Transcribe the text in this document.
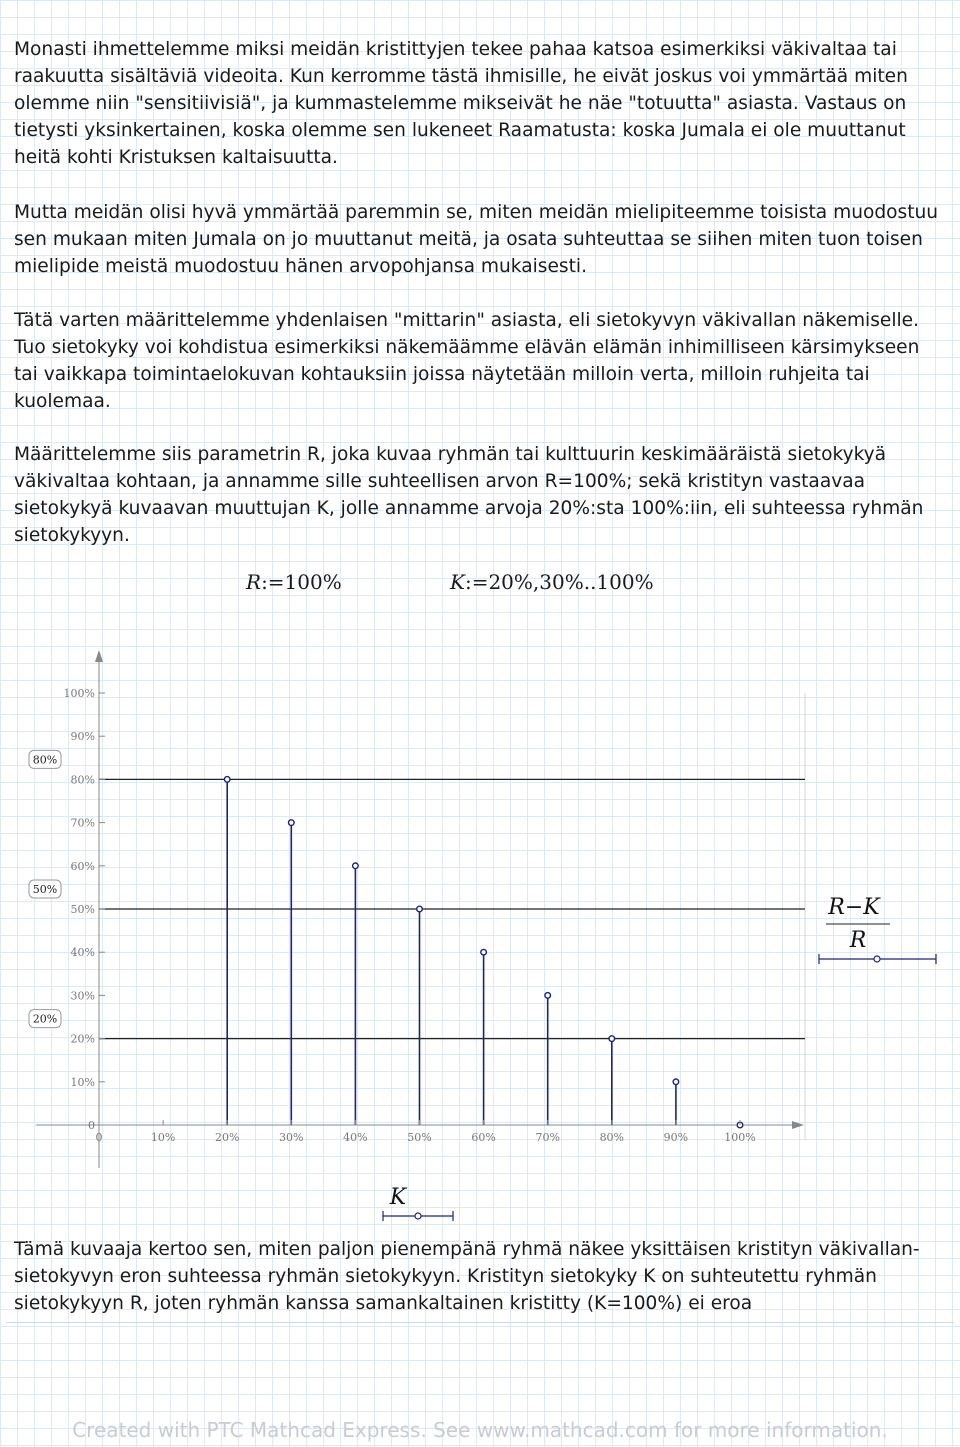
Monasti ihmettelemme miksi meidän kristittyjen tekee pahaa katsoa esimerkiksi väkivaltaa tai raakuutta sisältäviä videoita. Kun kerromme tästä ihmisille, he eivät joskus voi ymmärtää miten olemme niin "sensitiivisiä", ja kummastelemme mikseivät he näe "totuutta" asiasta. Vastaus on tietysti yksinkertainen, koska olemme sen lukeneet Raamatusta: koska Jumala ei ole muuttanut heitä kohti Kristuksen kaltaisuutta.

Mutta meidän olisi hyvä ymmärtää paremmin se, miten meidän mielipiteemme toisista muodostuu sen mukaan miten Jumala on jo muuttanut meitä, ja osata suhteuttaa se siihen miten tuon toisen mielipide meistä muodostuu hänen arvopohjansa mukaisesti.

Tätä varten määrittelemme yhdenlaisen "mittarin" asiasta, eli sietokyvyn väkivallan näkemiselle. Tuo sietokyky voi kohdistua esimerkiksi näkemäämme elävän elämän inhimilliseen kärsimykseen tai vaikkapa toimintaelokuvan kohtauksiin joissa näytetään milloin verta, milloin ruhjeita tai kuolemaa.

Määrittelemme siis parametrin R, joka kuvaa ryhmän tai kulttuurin keskimääräistä sietokykyä väkivaltaa kohtaan, ja annamme sille suhteellisen arvon R=100%; sekä kristityn vastaavaa sietokykyä kuvaavan muuttujan K, jolle annamme arvoja 20%:sta 100%:iin, eli suhteessa ryhmän sietokykyyn.

R:=100%	K:=20%,30%..100%
0
10%
20%
30%
40%
50%
60%
70%
80%
90%
100%
0	10%	20%	30%	40%	50%	60%	70%	80%	90%	100%
80%
50%
20%
R−K
R
K

Tämä kuvaaja kertoo sen, miten paljon pienempänä ryhmä näkee yksittäisen kristityn väkivallan-sietokyvyn eron suhteessa ryhmän sietokykyyn. Kristityn sietokyky K on suhteutettu ryhmän sietokykyyn R, joten ryhmän kanssa samankaltainen kristitty (K=100%) ei eroa

Created with PTC Mathcad Express. See www.mathcad.com for more information.
